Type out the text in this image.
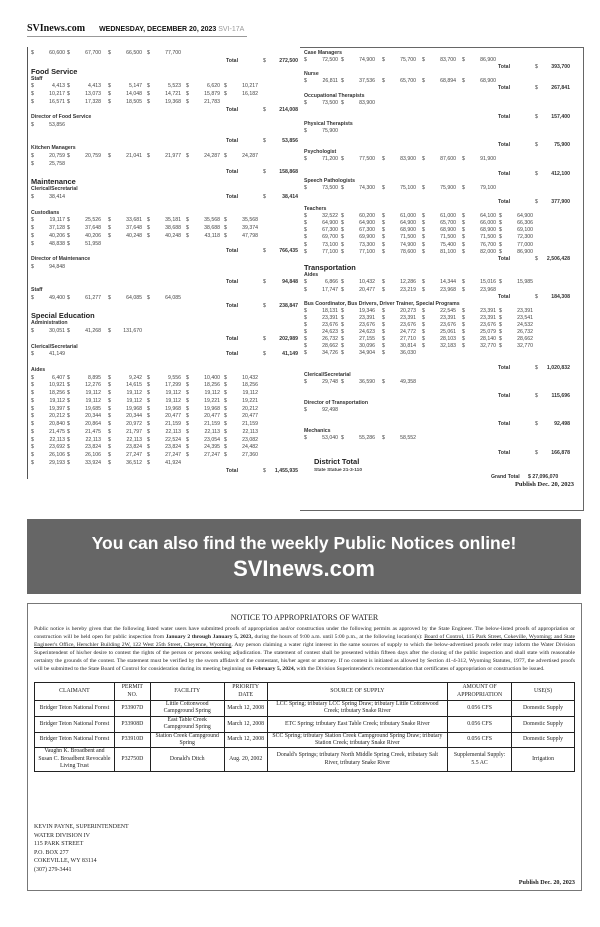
SVInews.com WEDNESDAY, DECEMBER 20, 2023 SVI-17A
$	60,600 $	67,700 $	66,500 $	77,700
Total	$	272,500
Food Service
Staff
$	4,413 $	4,413 $	5,147 $	5,523 $	6,620 $	10,217
$	10,217 $	13,073 $	14,048 $	14,721 $	15,879 $	16,182
$	16,571 $	17,328 $	18,505 $	19,368 $	21,783
Total	$	214,008
Director of Food Service
$	53,856
Total	$	53,856
Kitchen Managers
$	20,759 $	20,759 $	21,041 $	21,977 $	24,287 $	24,287
$	25,758
Total	$	158,868
Maintenance
Clerical/Secretarial
$	38,414	Total	$	38,414
Custodians
$	19,117 $	25,526 $	33,681 $	35,181 $	35,568 $	35,568
$	37,128 $	37,648 $	37,648 $	38,688 $	38,688 $	39,374
$	40,206 $	40,206 $	40,248 $	40,248 $	43,118 $	47,798
$	48,838 $	51,958
Total	$	766,435
Director of Maintenance
$	94,848
Total	$	94,848
Staff
$	49,400 $	61,277 $	64,085 $	64,085
Total	$	238,847
Special Education
Administration
$	30,051 $	41,268 $ 131,670
Total	$	202,989
Clerical/Secretarial
$	41,149	Total	$	41,149
Aides
$	6,407 $	8,895 $	9,242 $	9,556 $	10,400 $	10,432
$	10,921 $	12,276 $	14,615 $	17,299 $	18,256 $	18,256
$	18,256 $	19,112 $	19,112 $	19,112 $	19,112 $	19,112
$	19,112 $	19,112 $	19,112 $	19,112 $	19,221 $	19,221
$	19,397 $	19,685 $	19,968 $	19,968 $	19,968 $	20,212
$	20,212 $	20,344 $	20,344 $	20,477 $	20,477 $	20,477
$	20,840 $	20,864 $	20,972 $	21,159 $	21,159 $	21,159
$	21,475 $	21,475 $	21,797 $	22,113 $	22,113 $	22,113
$	22,113 $	22,113 $	22,113 $	22,524 $	23,054 $	23,082
$	23,692 $	23,824 $	23,824 $	23,824 $	24,395 $	24,482
$	26,106 $	26,106 $	27,247 $	27,247 $	27,247 $	27,360
$	29,193 $	33,924 $	36,512 $	41,924
Total	$ 1,455,935
Case Managers
$	72,500 $	74,900 $	75,700 $	83,700 $	86,900
Total	$	393,700
Nurse
$	26,811 $	37,536 $	65,700 $	68,894 $	68,900
Total	$	267,841
Occupational Therapists
$	73,500 $	83,900
Total	$	157,400
Physical Therapists
$	75,900
Total	$	75,900
Psychologist
$	71,200 $	77,500 $	83,900 $	87,600 $	91,900
Total	$	412,100
Speech Pathologists
$	73,500 $	74,300 $	75,100 $	75,900 $	79,100
Total	$	377,900
Teachers
$	32,522 $	60,200 $	61,000 $	61,000 $	64,100 $	64,900
$	64,900 $	64,900 $	64,900 $	65,700 $	66,000 $	66,306
$	67,300 $	67,300 $	68,900 $	68,900 $	68,900 $	69,100
$	69,700 $	69,900 $	71,500 $	71,500 $	71,500 $	72,300
$	73,100 $	73,300 $	74,900 $	75,400 $	76,700 $	77,000
$	77,100 $	77,100 $	78,600 $	81,100 $	82,000 $	86,900
Total	$ 2,506,428
Transportation
Aides
$	6,866 $	10,432 $	12,286 $	14,344 $	15,016 $	15,985
$	17,747 $	20,477 $	23,219 $	23,968 $	23,968
Total	$	184,308
Bus Coordinator, Bus Drivers, Driver Trainer, Special Programs
$	18,131 $	19,346 $	20,273 $	22,545 $	23,391 $	23,391
$	23,391 $	23,391 $	23,391 $	23,391 $	23,391 $	23,541
$	23,676 $	23,676 $	23,676 $	23,676 $	23,676 $	24,532
$	24,623 $	24,623 $	24,772 $	25,061 $	25,079 $	26,732
$	26,732 $	27,155 $	27,710 $	28,103 $	28,140 $	28,662
$	28,662 $	30,096 $	30,814 $	32,183 $	32,770 $	32,770
$	34,726 $	34,904 $	36,030
Total	$ 1,020,832
Clerical/Secretarial
$	29,748 $	36,590 $	49,358
Total	$	115,696
Director of Transportation
$	92,498
Total	$	92,498
Mechanics
$	53,040 $	55,286 $	58,552
Total	$	166,878
District Total
State Statue 21-3-110
Grand Total $ 27,096,070
Publish Dec. 20, 2023
You can also find the weekly Public Notices online!
SVInews.com
NOTICE TO APPROPRIATORS OF WATER
Public notice is hereby given that the following listed water users have submitted proofs of appropriation and/or construction under the following permits as approved by the State Engineer. The below-listed proofs of appropriation or construction will be held open for public inspection from January 2 through January 5, 2023, during the hours of 9:00 a.m. until 5:00 p.m., at the following location(s): Board of Control, 115 Park Street, Cokeville, Wyoming; and State Engineer's Office, Herschler Building 2W, 122 West 25th Street, Cheyenne, Wyoming. Any person claiming a water right interest in the same sources of supply to which the below-advertised proofs refer may inform the Water Division Superintendent of his/her desire to contest the rights of the person or persons seeking adjudication. The statement of contest shall be presented within fifteen days after the closing of the public inspection and shall state with reasonable certainty the grounds of the contest. The statement must be verified by the sworn affidavit of the contestant, his/her agent or attorney. If no contest is initiated as allowed by Section 41-4-312, Wyoming Statutes, 1977, the advertised proofs will be submitted to the State Board of Control for consideration during its meeting beginning on February 5, 2024, with the Division Superintendent's recommendation that certificates of appropriation or construction be issued.
CLAIMANT	PERMIT NO.	FACILITY	PRIORITY DATE	SOURCE OF SUPPLY	AMOUNT OF APPROPRIATION	USE(S)
Bridger Teton National Forest	P33907D	Little Cottonwood Campground Spring	March 12, 2008	LCC Spring; tributary LCC Spring Draw; tributary Little Cottonwood Creek; tributary Snake River	0.056 CFS	Domestic Supply
Bridger Teton National Forest	P33908D	East Table Creek Campground Spring	March 12, 2008	ETC Spring; tributary East Table Creek; tributary Snake River	0.056 CFS	Domestic Supply
Bridger Teton National Forest	P33910D	Station Creek Campground Spring	March 12, 2008	SCC Spring; tributary Station Creek Campground Spring Draw; tributary Station Creek; tributary Snake River	0.056 CFS	Domestic Supply
Vaughn K. Broadbent and Susan C. Broadbent Revocable Living Trust	P32750D	Donald's Ditch	Aug. 20, 2002	Donald's Springs; tributary North Middle Spring Creek, tributary Salt River, tributary Snake River	Supplemental Supply: 5.5 AC	Irrigation
KEVIN PAYNE, SUPERINTENDENT
WATER DIVISION IV
115 PARK STREET
P.O. BOX 277
COKEVILLE, WY 83114
(307) 279-3441
Publish Dec. 20, 2023
